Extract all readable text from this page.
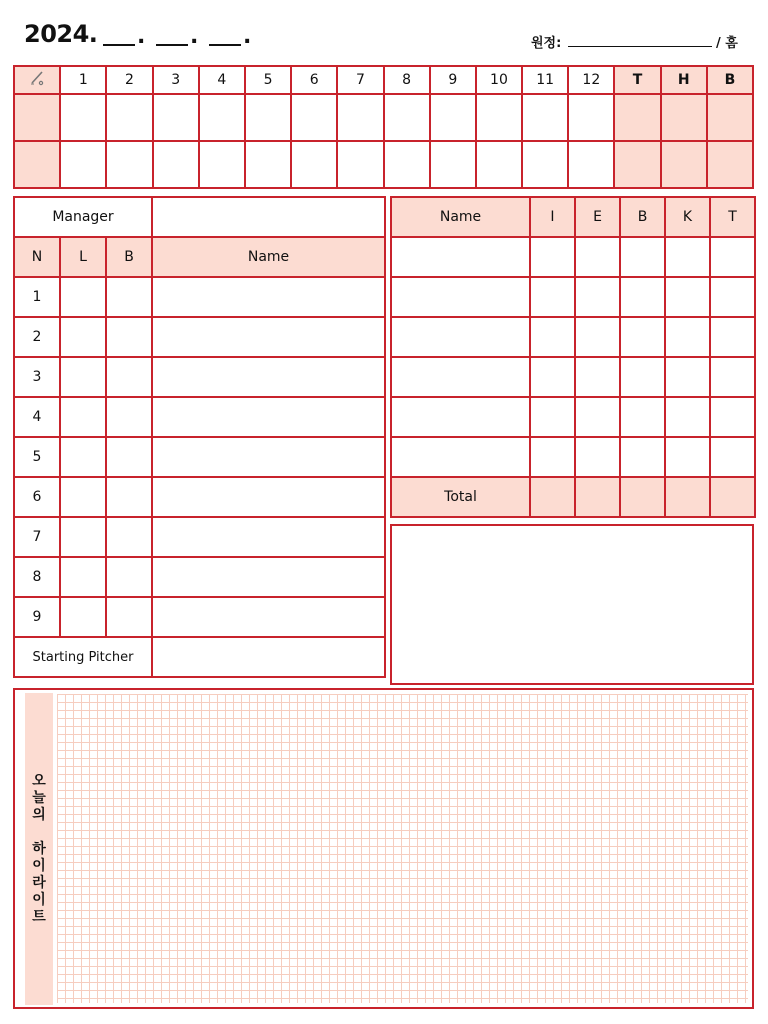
2024. . . .	원정:	/ 홈
	1	2	3	4	5	6	7	8	9	10	11	12	T	H	B

Manager			
N	L	B	Name
1			
2			
3			
4			
5			
6			
7			
8			
9			
Starting Pitcher			
Name	I	E	B	K	T

Total					
오
늘
의

하
이
라
이
트
